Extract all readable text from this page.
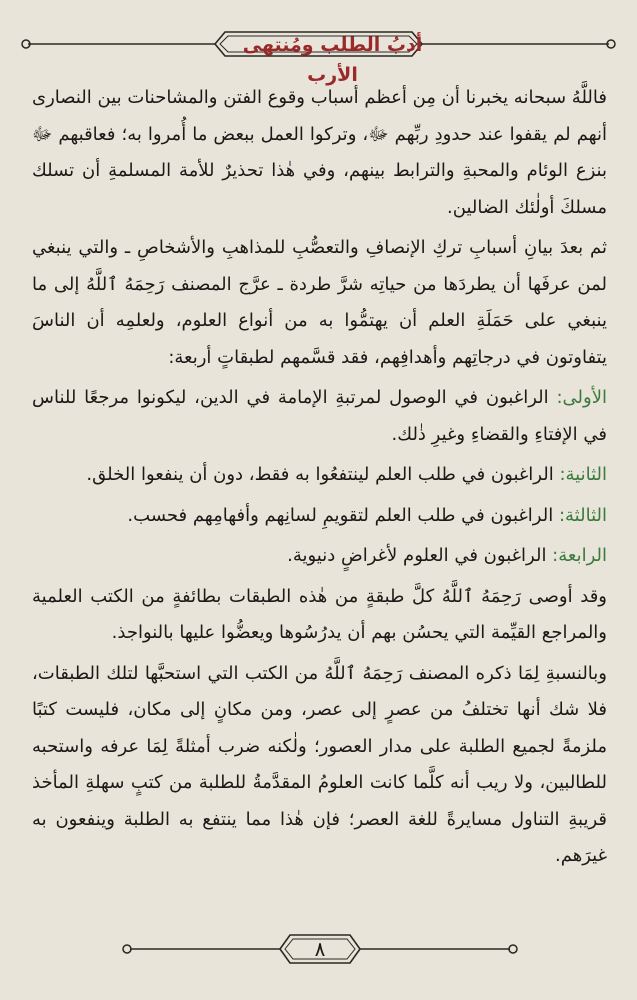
أدبُ الطلب ومُنتهى الأرب

فاللَّهُ سبحانه يخبرنا أن مِن أعظم أسباب وقوع الفتن والمشاحنات بين النصارى أنهم لم يقفوا عند حدودِ ربِّهم ﷻ، وتركوا العمل ببعض ما أُمروا به؛ فعاقبهم ﷻ بنزع الوئام والمحبةِ والترابط بينهم، وفي هٰذا تحذيرٌ للأمة المسلمةِ أن تسلك مسلكَ أولٰئك الضالين.

ثم بعدَ بيانِ أسبابِ تركِ الإنصافِ والتعصُّبِ للمذاهبِ والأشخاصِ ـ والتي ينبغي لمن عرفَها أن يطردَها من حياتِه شرَّ طردة ـ عرَّج المصنف رَحِمَهُ ٱللَّهُ إلى ما ينبغي على حَمَلَةِ العلم أن يهتمُّوا به من أنواع العلوم، ولعلمِه أن الناسَ يتفاوتون في درجاتِهم وأهدافِهم، فقد قسَّمهم لطبقاتٍ أربعة:

الأولى: الراغبون في الوصول لمرتبةِ الإمامة في الدين، ليكونوا مرجعًا للناس في الإفتاءِ والقضاءِ وغيرِ ذٰلك.

الثانية: الراغبون في طلب العلم لينتفعُوا به فقط، دون أن ينفعوا الخلق.

الثالثة: الراغبون في طلب العلم لتقويمِ لسانِهم وأفهامِهم فحسب.

الرابعة: الراغبون في العلوم لأغراضٍ دنيوية.

وقد أوصى رَحِمَهُ ٱللَّهُ كلَّ طبقةٍ من هٰذه الطبقات بطائفةٍ من الكتب العلمية والمراجع القيِّمة التي يحسُن بهم أن يدرُسُوها ويعضُّوا عليها بالنواجذ.

وبالنسبةِ لِمَا ذكره المصنف رَحِمَهُ ٱللَّهُ من الكتب التي استحبَّها لتلك الطبقات، فلا شك أنها تختلفُ من عصرٍ إلى عصر، ومن مكانٍ إلى مكان، فليست كتبًا ملزمةً لجميع الطلبة على مدار العصور؛ ولٰكنه ضرب أمثلةً لِمَا عرفه واستحبه للطالبين، ولا ريب أنه كلَّما كانت العلومُ المقدَّمةُ للطلبة من كتبٍ سهلةِ المأخذ قريبةِ التناول مسايرةً للغة العصر؛ فإن هٰذا مما ينتفع به الطلبة وينفعون به غيرَهم.

٨
